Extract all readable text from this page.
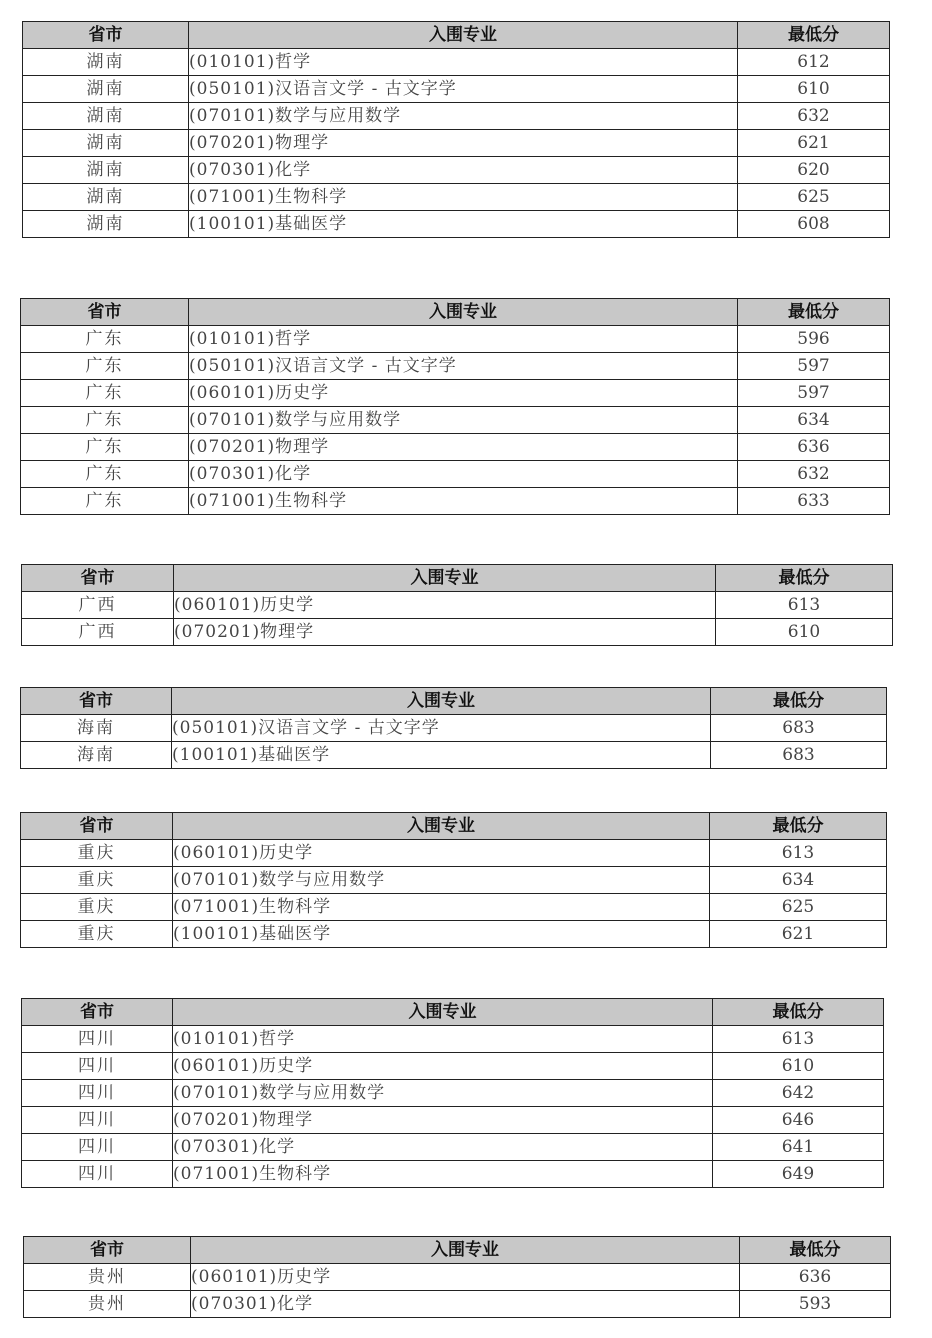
省市	入围专业	最低分
湖南	(010101)哲学	612
湖南	(050101)汉语言文学 - 古文字学	610
湖南	(070101)数学与应用数学	632
湖南	(070201)物理学	621
湖南	(070301)化学	620
湖南	(071001)生物科学	625
湖南	(100101)基础医学	608
省市	入围专业	最低分
广东	(010101)哲学	596
广东	(050101)汉语言文学 - 古文字学	597
广东	(060101)历史学	597
广东	(070101)数学与应用数学	634
广东	(070201)物理学	636
广东	(070301)化学	632
广东	(071001)生物科学	633
省市	入围专业	最低分
广西	(060101)历史学	613
广西	(070201)物理学	610
省市	入围专业	最低分
海南	(050101)汉语言文学 - 古文字学	683
海南	(100101)基础医学	683
省市	入围专业	最低分
重庆	(060101)历史学	613
重庆	(070101)数学与应用数学	634
重庆	(071001)生物科学	625
重庆	(100101)基础医学	621
省市	入围专业	最低分
四川	(010101)哲学	613
四川	(060101)历史学	610
四川	(070101)数学与应用数学	642
四川	(070201)物理学	646
四川	(070301)化学	641
四川	(071001)生物科学	649
省市	入围专业	最低分
贵州	(060101)历史学	636
贵州	(070301)化学	593
